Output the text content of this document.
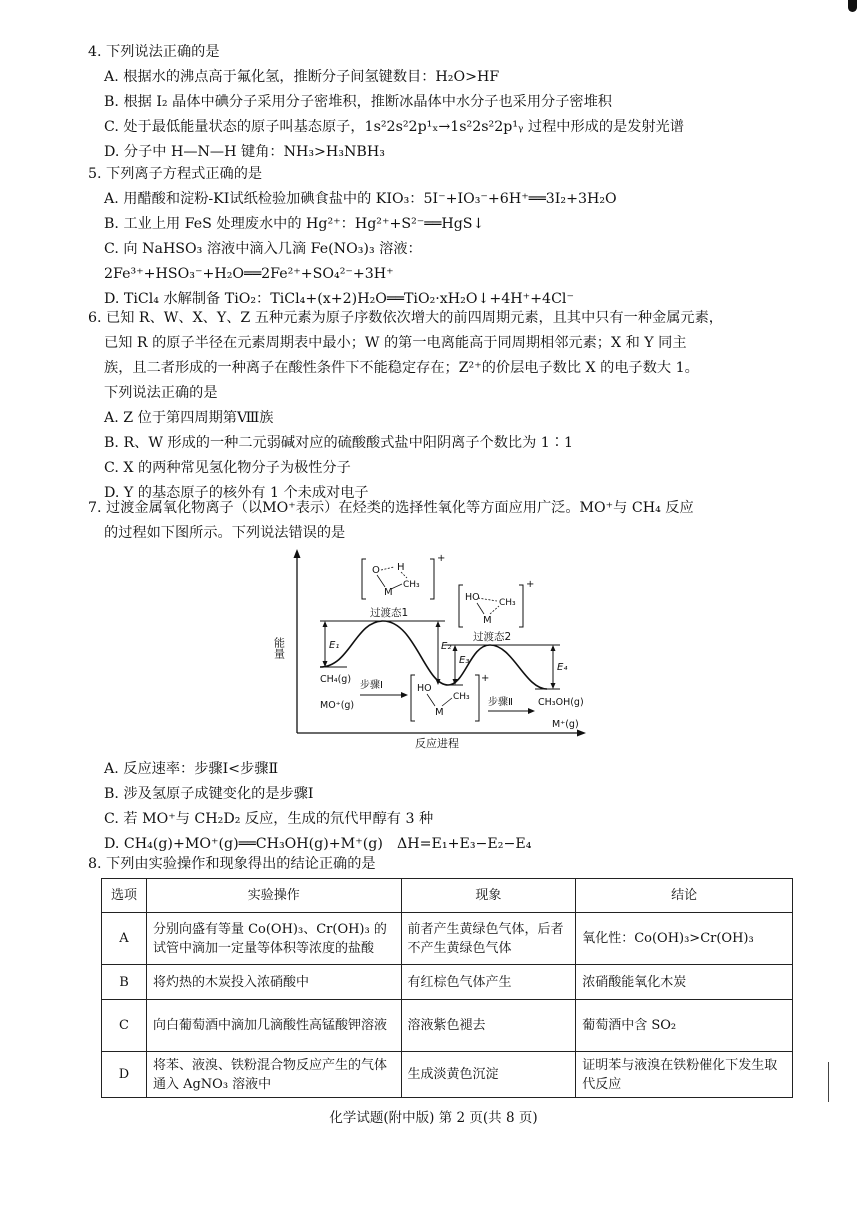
4. 下列说法正确的是
A. 根据水的沸点高于氟化氢，推断分子间氢键数目：H₂O>HF
B. 根据 I₂ 晶体中碘分子采用分子密堆积，推断冰晶体中水分子也采用分子密堆积
C. 处于最低能量状态的原子叫基态原子，1s²2s²2p¹ₓ→1s²2s²2p¹ᵧ 过程中形成的是发射光谱
D. 分子中 H—N—H 键角：NH₃>H₃NBH₃
5. 下列离子方程式正确的是
A. 用醋酸和淀粉-KI试纸检验加碘食盐中的 KIO₃：5I⁻+IO₃⁻+6H⁺══3I₂+3H₂O
B. 工业上用 FeS 处理废水中的 Hg²⁺：Hg²⁺+S²⁻══HgS↓
C. 向 NaHSO₃ 溶液中滴入几滴 Fe(NO₃)₃ 溶液：
2Fe³⁺+HSO₃⁻+H₂O══2Fe²⁺+SO₄²⁻+3H⁺
D. TiCl₄ 水解制备 TiO₂：TiCl₄+(x+2)H₂O══TiO₂·xH₂O↓+4H⁺+4Cl⁻
6. 已知 R、W、X、Y、Z 五种元素为原子序数依次增大的前四周期元素，且其中只有一种金属元素，
已知 R 的原子半径在元素周期表中最小；W 的第一电离能高于同周期相邻元素；X 和 Y 同主
族，且二者形成的一种离子在酸性条件下不能稳定存在；Z²⁺的价层电子数比 X 的电子数大 1。
下列说法正确的是
A. Z 位于第四周期第Ⅷ族
B. R、W 形成的一种二元弱碱对应的硫酸酸式盐中阳阴离子个数比为 1∶1
C. X 的两种常见氢化物分子为极性分子
D. Y 的基态原子的核外有 1 个未成对电子
7. 过渡金属氧化物离子（以MO⁺表示）在烃类的选择性氧化等方面应用广泛。MO⁺与 CH₄ 反应
的过程如下图所示。下列说法错误的是
能量
反应进程
E₁	E₂
E₃
E₄
过渡态1
过渡态2
+
O H
M
CH₃	+
HO CH₃
M
+
HO
CH₃
M
CH₄(g)
MO⁺(g)
步骤Ⅰ
步骤Ⅱ	CH₃OH(g)
M⁺(g)
A. 反应速率：步骤Ⅰ<步骤Ⅱ
B. 涉及氢原子成键变化的是步骤Ⅰ
C. 若 MO⁺与 CH₂D₂ 反应，生成的氘代甲醇有 3 种
D. CH₄(g)+MO⁺(g)══CH₃OH(g)+M⁺(g)　ΔH=E₁+E₃−E₂−E₄
8. 下列由实验操作和现象得出的结论正确的是
选项	实验操作	现象	结论
A	分别向盛有等量 Co(OH)₃、Cr(OH)₃ 的试管中滴加一定量等体积等浓度的盐酸	前者产生黄绿色气体，后者不产生黄绿色气体	氧化性：Co(OH)₃>Cr(OH)₃
B	将灼热的木炭投入浓硝酸中	有红棕色气体产生	浓硝酸能氧化木炭
C	向白葡萄酒中滴加几滴酸性高锰酸钾溶液	溶液紫色褪去	葡萄酒中含 SO₂
D	将苯、液溴、铁粉混合物反应产生的气体通入 AgNO₃ 溶液中	生成淡黄色沉淀	证明苯与液溴在铁粉催化下发生取代反应
化学试题(附中版) 第 2 页(共 8 页)
